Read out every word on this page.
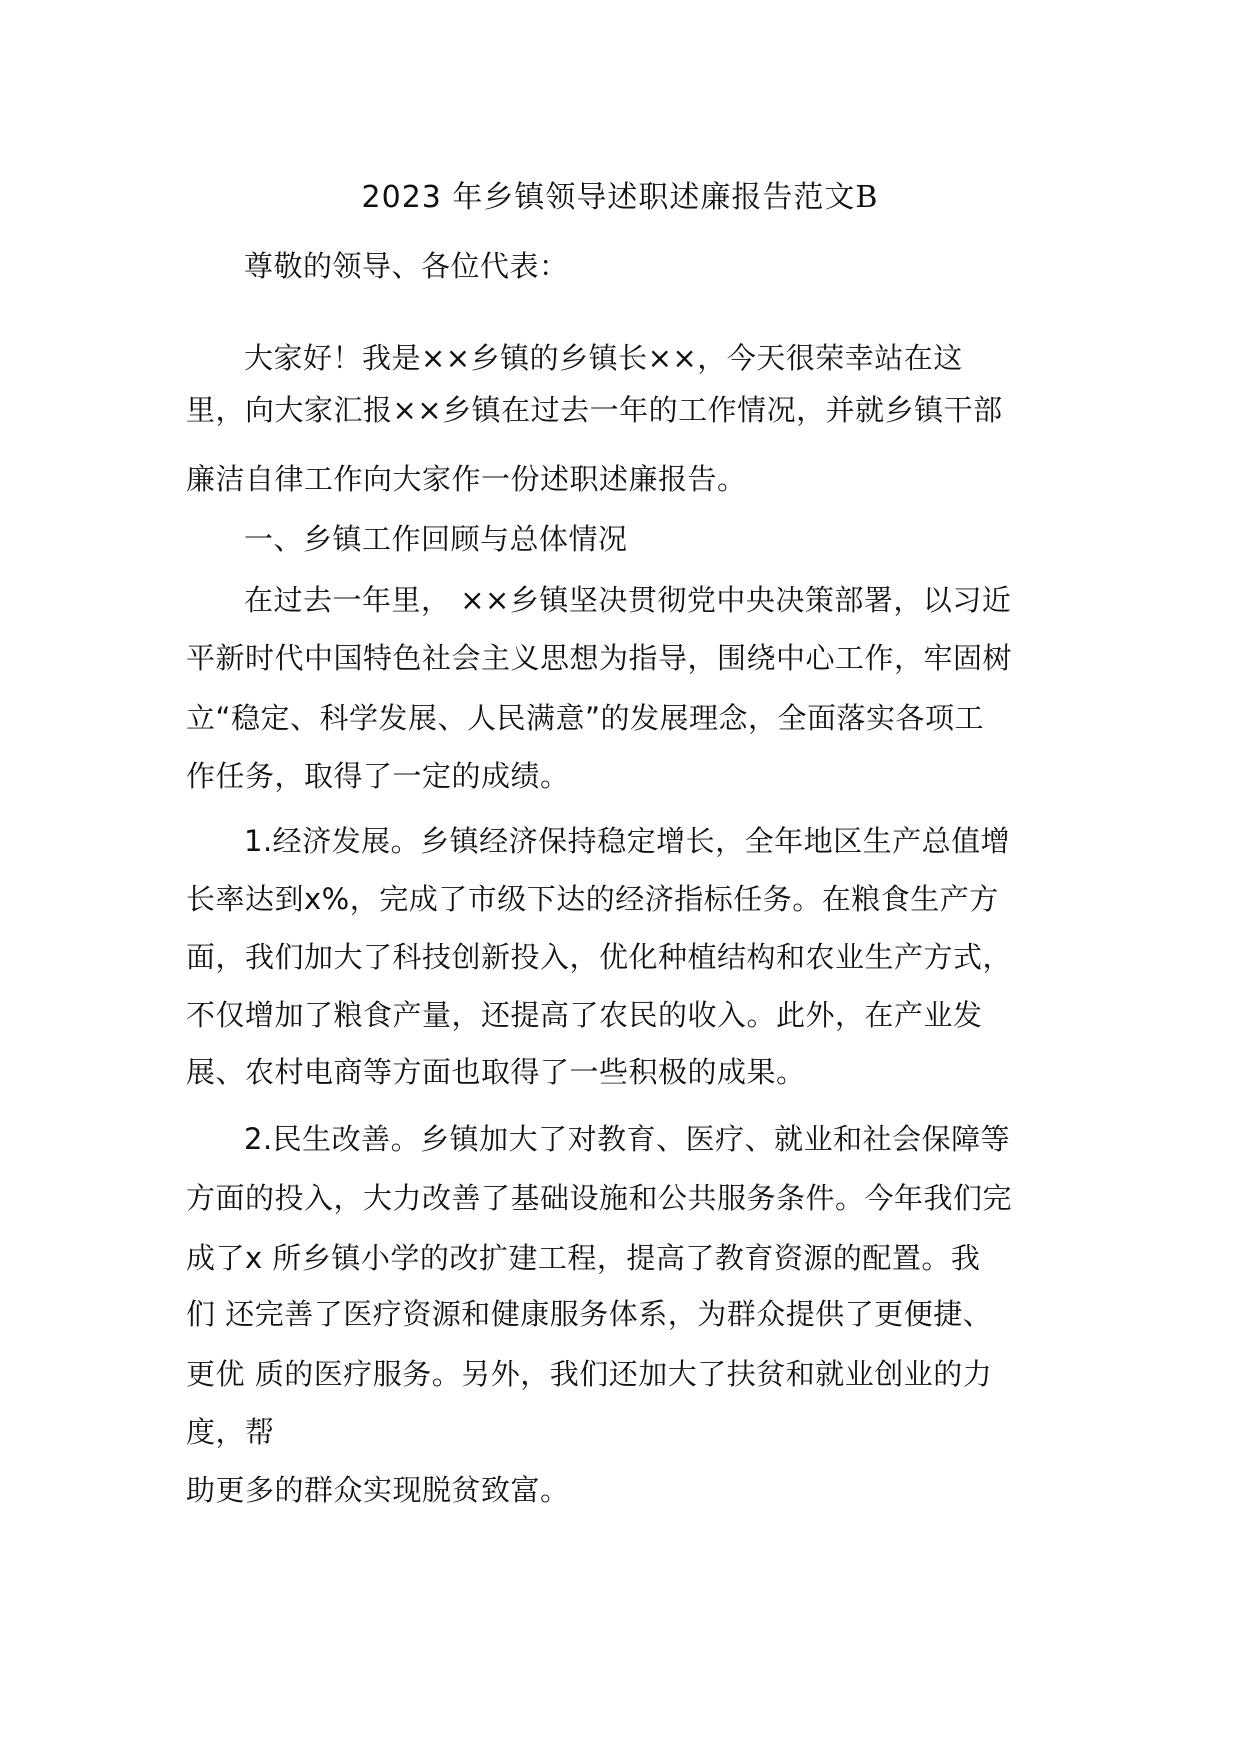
2023 年乡镇领导述职述廉报告范文B
尊敬的领导、各位代表：
大家好！我是××乡镇的乡镇长××，今天很荣幸站在这
里，向大家汇报××乡镇在过去一年的工作情况，并就乡镇干部
廉洁自律工作向大家作一份述职述廉报告。
一、乡镇工作回顾与总体情况
在过去一年里， ××乡镇坚决贯彻党中央决策部署，以习近
平新时代中国特色社会主义思想为指导，围绕中心工作，牢固树
立“稳定、科学发展、人民满意”的发展理念，全面落实各项工
作任务，取得了一定的成绩。
1.经济发展。乡镇经济保持稳定增长，全年地区生产总值增
长率达到x%，完成了市级下达的经济指标任务。在粮食生产方
面，我们加大了科技创新投入，优化种植结构和农业生产方式，
不仅增加了粮食产量，还提高了农民的收入。此外，在产业发
展、农村电商等方面也取得了一些积极的成果。
2.民生改善。乡镇加大了对教育、医疗、就业和社会保障等
方面的投入，大力改善了基础设施和公共服务条件。今年我们完
成了x 所乡镇小学的改扩建工程，提高了教育资源的配置。我
们 还完善了医疗资源和健康服务体系，为群众提供了更便捷、
更优 质的医疗服务。另外，我们还加大了扶贫和就业创业的力
度，帮
助更多的群众实现脱贫致富。
